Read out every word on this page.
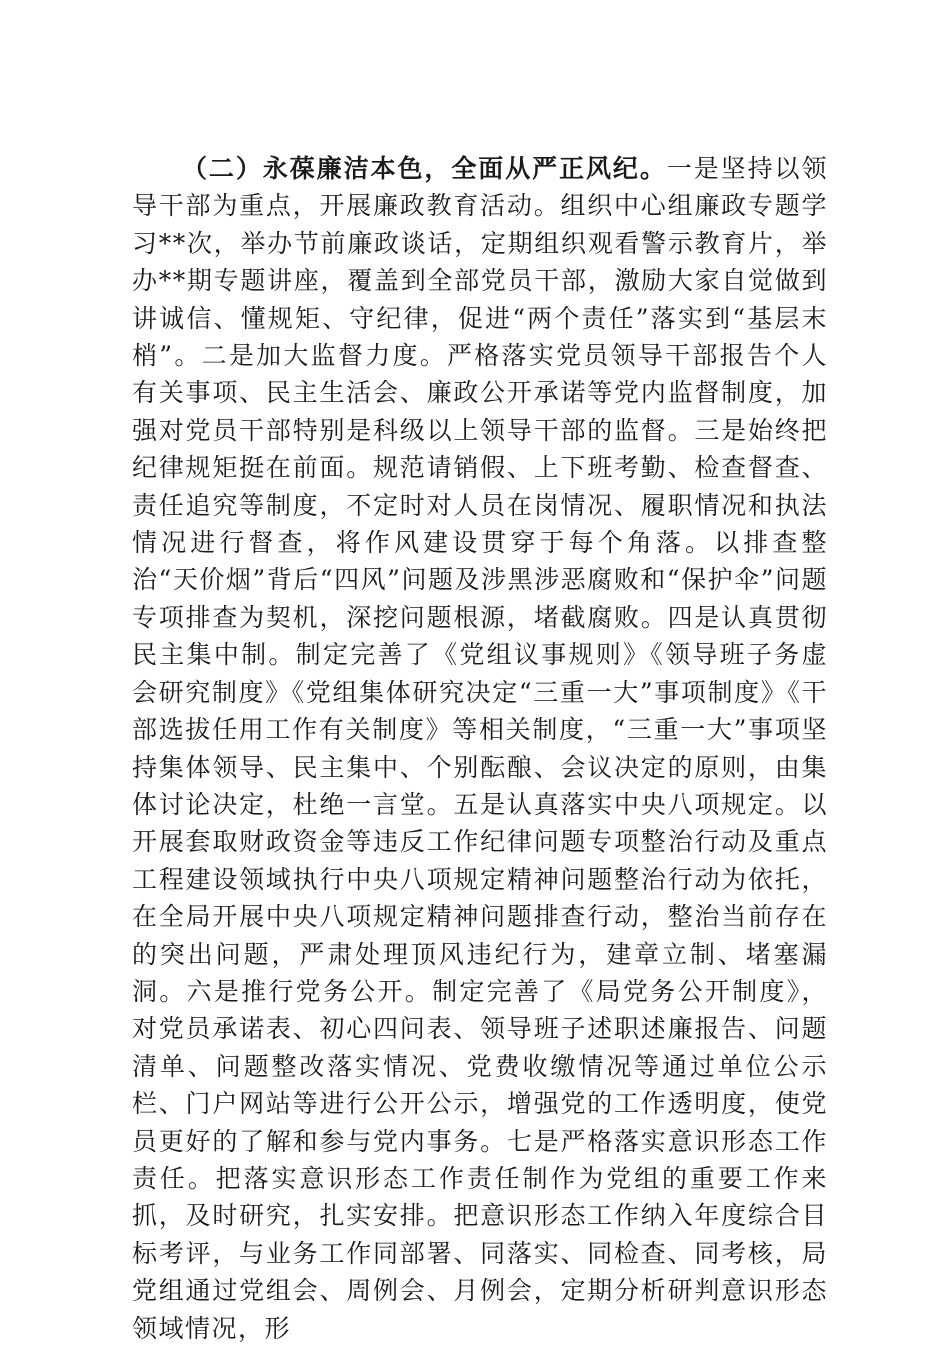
（二）永葆廉洁本色，全面从严正风纪。一是坚持以领导干部为重点，开展廉政教育活动。组织中心组廉政专题学习**次，举办节前廉政谈话，定期组织观看警示教育片，举办**期专题讲座，覆盖到全部党员干部，激励大家自觉做到讲诚信、懂规矩、守纪律，促进“两个责任”落实到“基层末梢”。二是加大监督力度。严格落实党员领导干部报告个人有关事项、民主生活会、廉政公开承诺等党内监督制度，加强对党员干部特别是科级以上领导干部的监督。三是始终把纪律规矩挺在前面。规范请销假、上下班考勤、检查督查、责任追究等制度，不定时对人员在岗情况、履职情况和执法情况进行督查，将作风建设贯穿于每个角落。以排查整治“天价烟”背后“四风”问题及涉黑涉恶腐败和“保护伞”问题专项排查为契机，深挖问题根源，堵截腐败。四是认真贯彻民主集中制。制定完善了《党组议事规则》《领导班子务虚会研究制度》《党组集体研究决定“三重一大”事项制度》《干部选拔任用工作有关制度》等相关制度，“三重一大”事项坚持集体领导、民主集中、个别酝酿、会议决定的原则，由集体讨论决定，杜绝一言堂。五是认真落实中央八项规定。以开展套取财政资金等违反工作纪律问题专项整治行动及重点工程建设领域执行中央八项规定精神问题整治行动为依托，在全局开展中央八项规定精神问题排查行动，整治当前存在的突出问题，严肃处理顶风违纪行为，建章立制、堵塞漏洞。六是推行党务公开。制定完善了《局党务公开制度》，对党员承诺表、初心四问表、领导班子述职述廉报告、问题清单、问题整改落实情况、党费收缴情况等通过单位公示栏、门户网站等进行公开公示，增强党的工作透明度，使党员更好的了解和参与党内事务。七是严格落实意识形态工作责任。把落实意识形态工作责任制作为党组的重要工作来抓，及时研究，扎实安排。把意识形态工作纳入年度综合目标考评，与业务工作同部署、同落实、同检查、同考核，局党组通过党组会、周例会、月例会，定期分析研判意识形态领域情况，形
